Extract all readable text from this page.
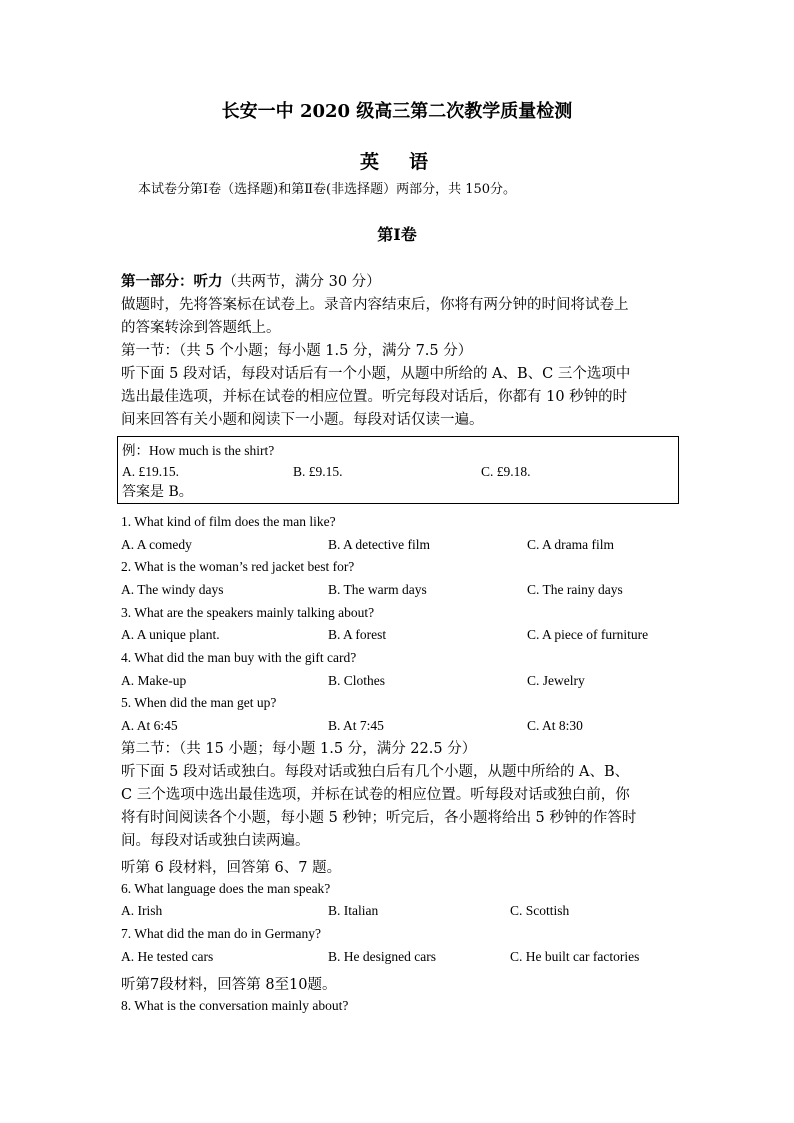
长安一中 2020 级高三第二次教学质量检测
英语
本试卷分第Ⅰ卷（选择题)和第Ⅱ卷(非选择题）两部分，共 150分。
第Ⅰ卷
第一部分：听力（共两节，满分 30 分）
做题时，先将答案标在试卷上。录音内容结束后，你将有两分钟的时间将试卷上
的答案转涂到答题纸上。
第一节：（共 5 个小题；每小题 1.5 分，满分 7.5 分）
听下面 5 段对话，每段对话后有一个小题，从题中所给的 A、B、C 三个选项中
选出最佳选项，并标在试卷的相应位置。听完每段对话后，你都有 10 秒钟的时
间来回答有关小题和阅读下一小题。每段对话仅读一遍。
例：How much is the shirt?
A. £19.15.	B. £9.15.	C. £9.18.
答案是 B。
1. What kind of film does the man like?
A. A comedy	B. A detective film	C. A drama film
2. What is the woman’s red jacket best for?
A. The windy days	B. The warm days	C. The rainy days
3. What are the speakers mainly talking about?
A. A unique plant.	B. A forest	C. A piece of furniture
4. What did the man buy with the gift card?
A. Make-up	B. Clothes	C. Jewelry
5. When did the man get up?
A. At 6:45	B. At 7:45	C. At 8:30
第二节：（共 15 小题；每小题 1.5 分，满分 22.5 分）
听下面 5 段对话或独白。每段对话或独白后有几个小题，从题中所给的 A、B、
C 三个选项中选出最佳选项，并标在试卷的相应位置。听每段对话或独白前，你
将有时间阅读各个小题，每小题 5 秒钟；听完后，各小题将给出 5 秒钟的作答时
间。每段对话或独白读两遍。
听第 6 段材料，回答第 6、7 题。
6. What language does the man speak?
A. Irish	B. Italian	C. Scottish
7. What did the man do in Germany?
A. He tested cars	B. He designed cars	C. He built car factories
听第7段材料，回答第 8至10题。
8. What is the conversation mainly about?
